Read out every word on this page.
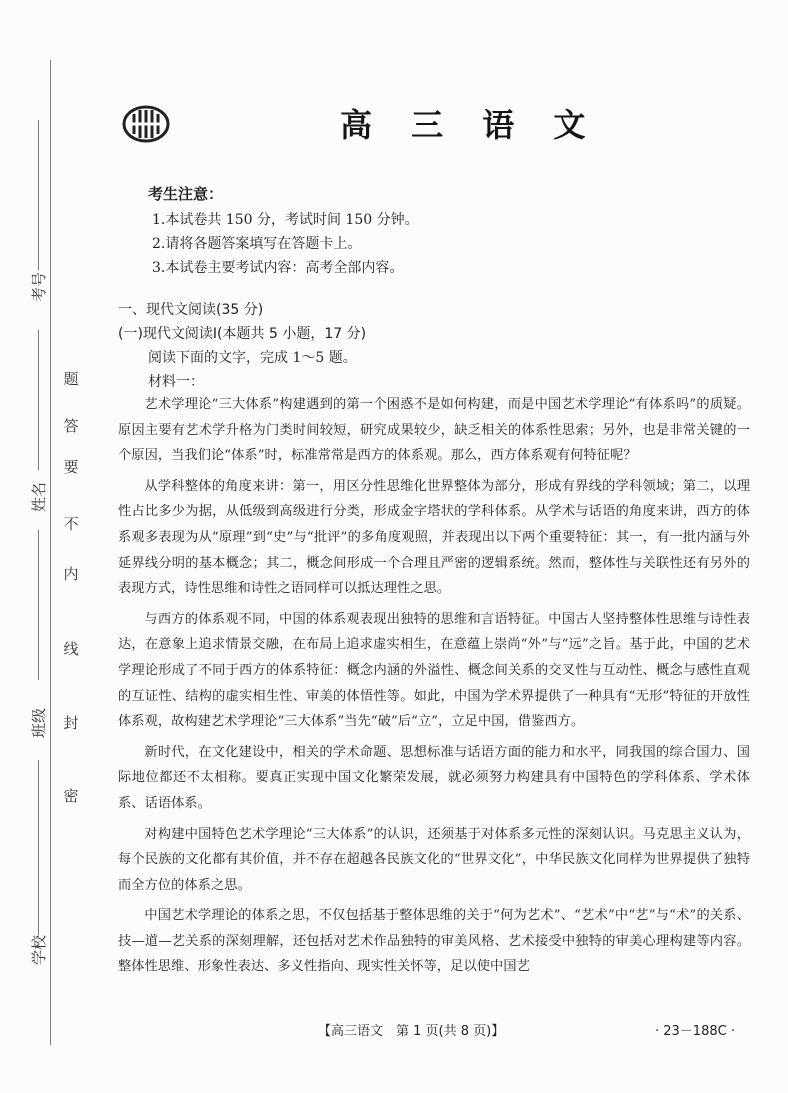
考号
姓名
班级
学校
密
封
线
内
不
要
答
题
高 三 语 文
考生注意：
1.本试卷共 150 分，考试时间 150 分钟。
2.请将各题答案填写在答题卡上。
3.本试卷主要考试内容：高考全部内容。
一、现代文阅读(35 分)
(一)现代文阅读Ⅰ(本题共 5 小题，17 分)
阅读下面的文字，完成 1～5 题。
材料一：

艺术学理论“三大体系”构建遇到的第一个困惑不是如何构建，而是中国艺术学理论“有体系吗”的质疑。原因主要有艺术学升格为门类时间较短，研究成果较少，缺乏相关的体系性思索；另外，也是非常关键的一个原因，当我们论“体系”时，标准常常是西方的体系观。那么，西方体系观有何特征呢？

从学科整体的角度来讲：第一，用区分性思维化世界整体为部分，形成有界线的学科领域；第二，以理性占比多少为据，从低级到高级进行分类，形成金字塔状的学科体系。从学术与话语的角度来讲，西方的体系观多表现为从“原理”到“史”与“批评”的多角度观照，并表现出以下两个重要特征：其一，有一批内涵与外延界线分明的基本概念；其二，概念间形成一个合理且严密的逻辑系统。然而，整体性与关联性还有另外的表现方式，诗性思维和诗性之语同样可以抵达理性之思。

与西方的体系观不同，中国的体系观表现出独特的思维和言语特征。中国古人坚持整体性思维与诗性表达，在意象上追求情景交融，在布局上追求虚实相生，在意蕴上崇尚“外”与“远”之旨。基于此，中国的艺术学理论形成了不同于西方的体系特征：概念内涵的外溢性、概念间关系的交叉性与互动性、概念与感性直观的互证性、结构的虚实相生性、审美的体悟性等。如此，中国为学术界提供了一种具有“无形”特征的开放性体系观，故构建艺术学理论“三大体系”当先“破”后“立”，立足中国，借鉴西方。

新时代，在文化建设中，相关的学术命题、思想标准与话语方面的能力和水平，同我国的综合国力、国际地位都还不太相称。要真正实现中国文化繁荣发展，就必须努力构建具有中国特色的学科体系、学术体系、话语体系。

对构建中国特色艺术学理论“三大体系”的认识，还须基于对体系多元性的深刻认识。马克思主义认为，每个民族的文化都有其价值，并不存在超越各民族文化的“世界文化”，中华民族文化同样为世界提供了独特而全方位的体系之思。

中国艺术学理论的体系之思，不仅包括基于整体思维的关于“何为艺术”、“艺术”中“艺”与“术”的关系、技—道—艺关系的深刻理解，还包括对艺术作品独特的审美风格、艺术接受中独特的审美心理构建等内容。整体性思维、形象性表达、多义性指向、现实性关怀等，足以使中国艺

【高三语文　第 1 页(共 8 页)】	· 23－188C ·
